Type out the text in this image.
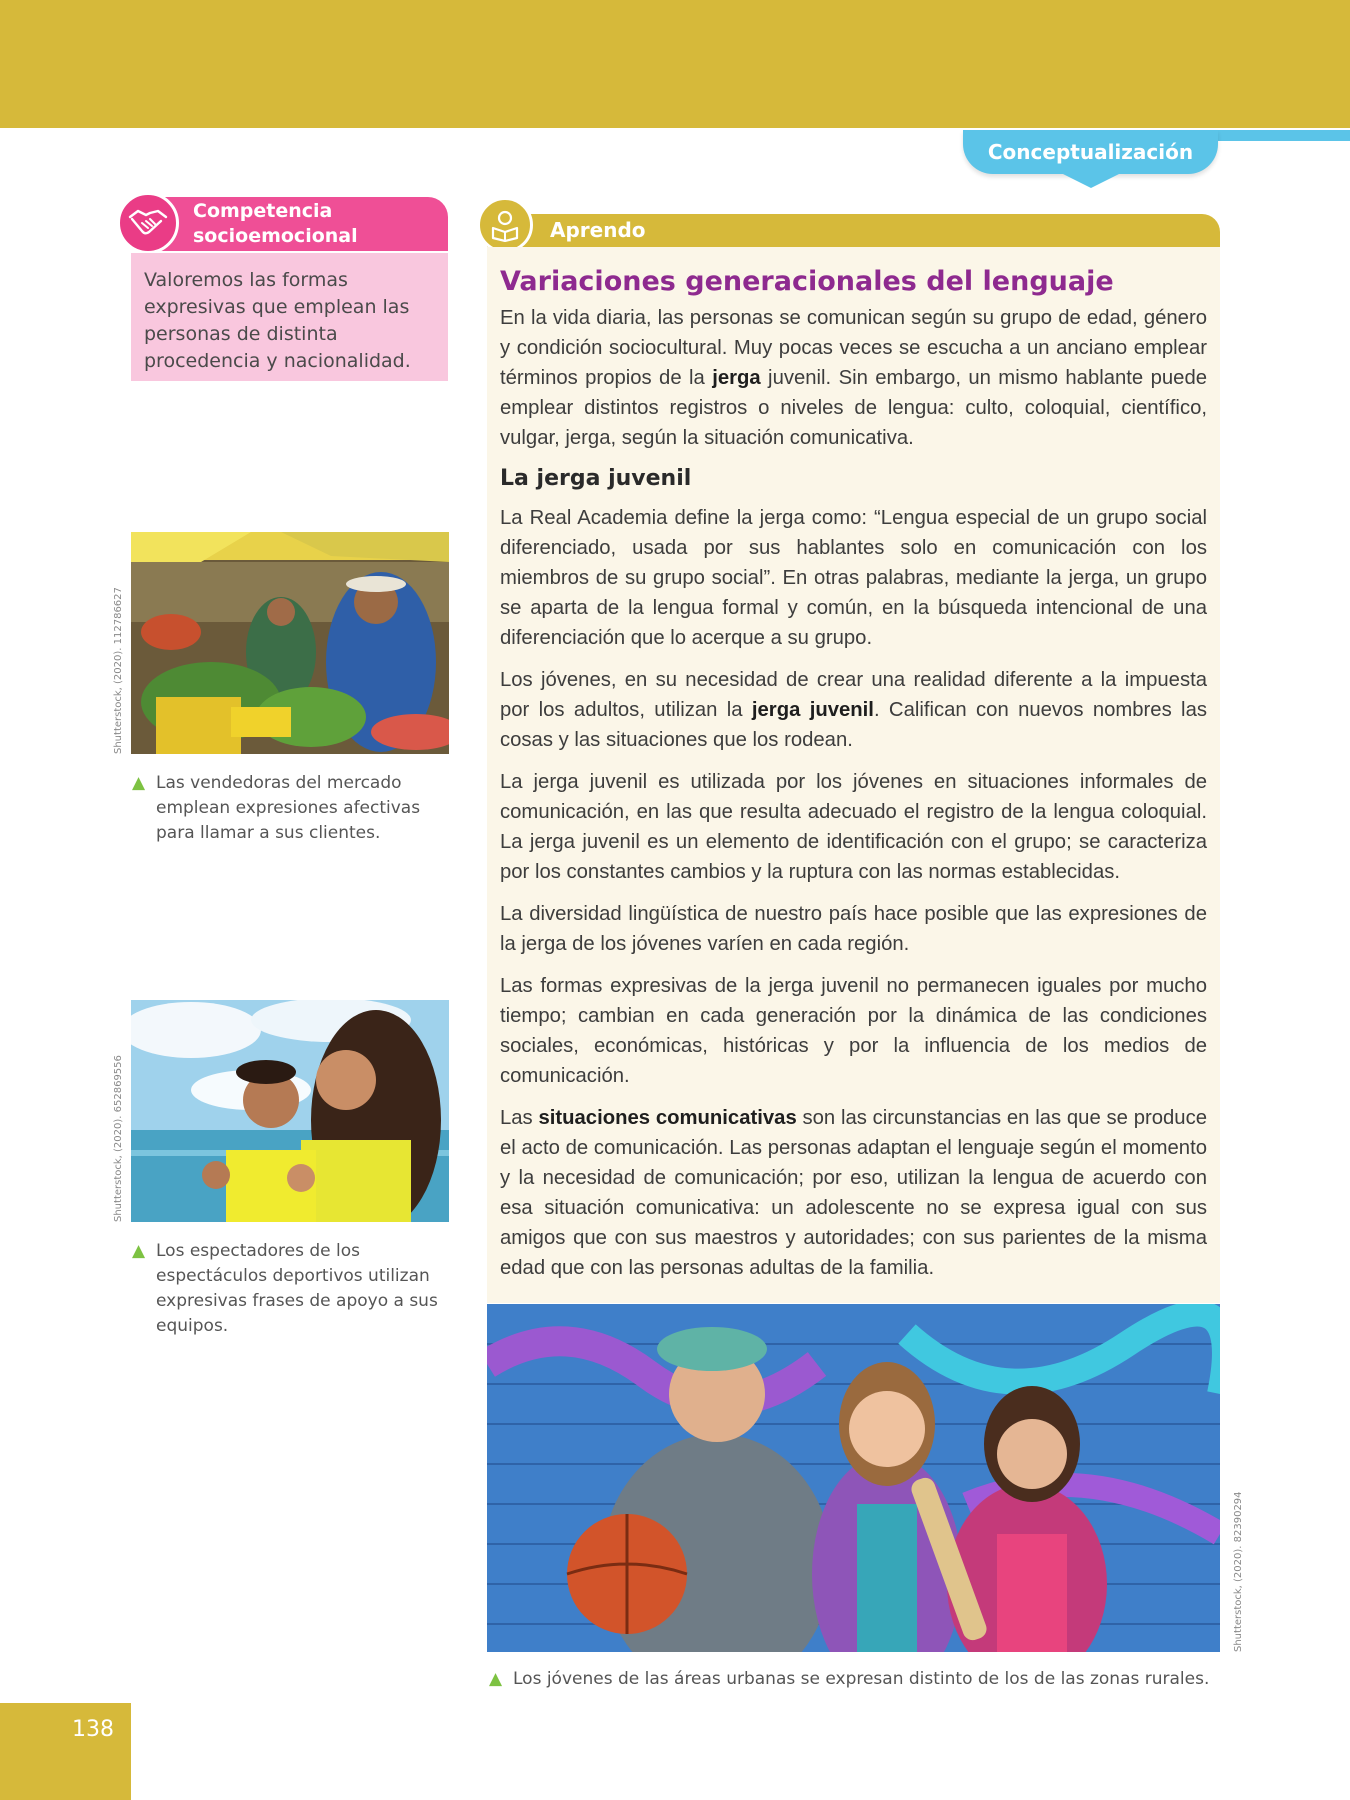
Conceptualización
Competencia
socioemocional
Valoremos las formas expresivas que emplean las personas de distinta procedencia y nacionalidad.
Shutterstock, (2020). 112786627
▲ Las vendedoras del mercado emplean expresiones afectivas para llamar a sus clientes.
Shutterstock, (2020). 652869556
▲ Los espectadores de los espectáculos deportivos utilizan expresivas frases de apoyo a sus equipos.
Aprendo
Variaciones generacionales del lenguaje

En la vida diaria, las personas se comunican según su grupo de edad, género y condición sociocultural. Muy pocas veces se escucha a un anciano emplear términos propios de la jerga juvenil. Sin embargo, un mismo hablante puede emplear distintos registros o niveles de lengua: culto, coloquial, científico, vulgar, jerga, según la situación comunicativa.

La jerga juvenil

La Real Academia define la jerga como: “Lengua especial de un grupo social diferenciado, usada por sus hablantes solo en comunicación con los miembros de su grupo social”. En otras palabras, mediante la jerga, un grupo se aparta de la lengua formal y común, en la búsqueda intencional de una diferenciación que lo acerque a su grupo.

Los jóvenes, en su necesidad de crear una realidad diferente a la impuesta por los adultos, utilizan la jerga juvenil. Califican con nuevos nombres las cosas y las situaciones que los rodean.

La jerga juvenil es utilizada por los jóvenes en situaciones informales de comunicación, en las que resulta adecuado el registro de la lengua coloquial. La jerga juvenil es un elemento de identificación con el grupo; se caracteriza por los constantes cambios y la ruptura con las normas establecidas.

La diversidad lingüística de nuestro país hace posible que las expresiones de la jerga de los jóvenes varíen en cada región.

Las formas expresivas de la jerga juvenil no permanecen iguales por mucho tiempo; cambian en cada generación por la dinámica de las condiciones sociales, económicas, históricas y por la influencia de los medios de comunicación.

Las situaciones comunicativas son las circunstancias en las que se produce el acto de comunicación. Las personas adaptan el lenguaje según el momento y la necesidad de comunicación; por eso, utilizan la lengua de acuerdo con esa situación comunicativa: un adolescente no se expresa igual con sus amigos que con sus maestros y autoridades; con sus parientes de la misma edad que con las personas adultas de la familia.

Shutterstock, (2020). 82390294
▲ Los jóvenes de las áreas urbanas se expresan distinto de los de las zonas rurales.
138
